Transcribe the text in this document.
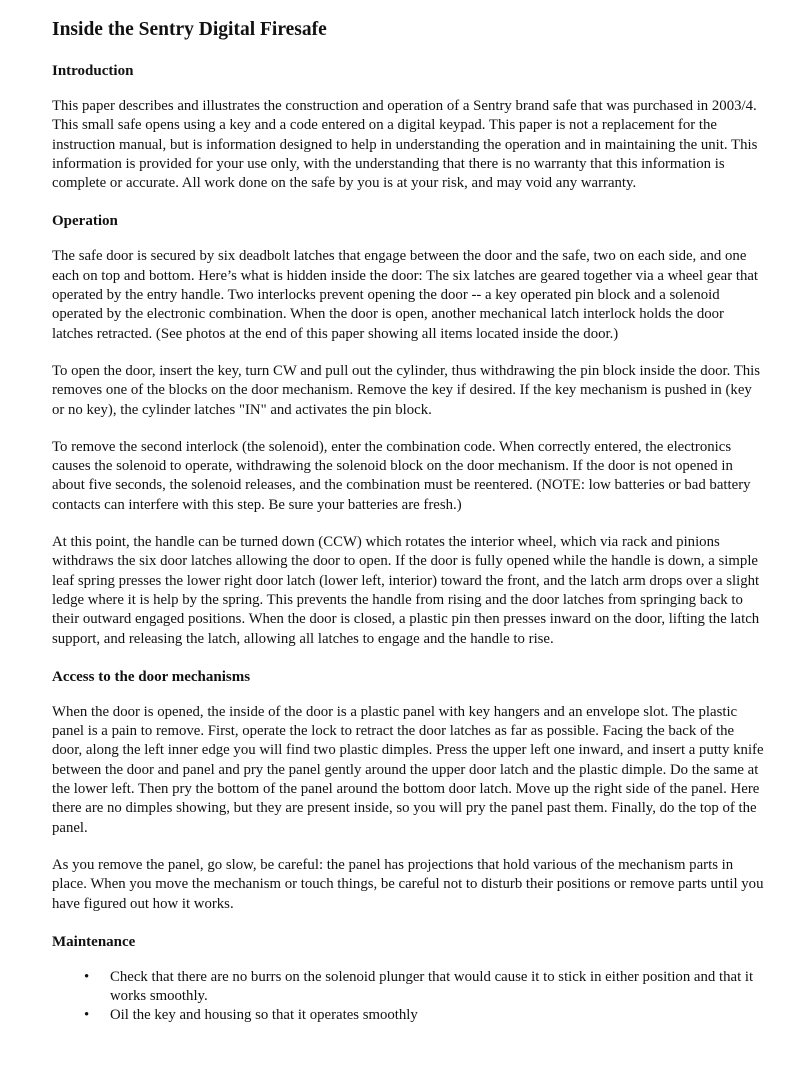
Inside the Sentry Digital Firesafe
Introduction

This paper describes and illustrates the construction and operation of a Sentry brand safe that was purchased in 2003/4. This small safe opens using a key and a code entered on a digital keypad. This paper is not a replacement for the instruction manual, but is information designed to help in understanding the operation and in maintaining the unit. This information is provided for your use only, with the understanding that there is no warranty that this information is complete or accurate. All work done on the safe by you is at your risk, and may void any warranty.

Operation

The safe door is secured by six deadbolt latches that engage between the door and the safe, two on each side, and one each on top and bottom. Here’s what is hidden inside the door: The six latches are geared together via a wheel gear that operated by the entry handle. Two interlocks prevent opening the door -- a key operated pin block and a solenoid operated by the electronic combination. When the door is open, another mechanical latch interlock holds the door latches retracted. (See photos at the end of this paper showing all items located inside the door.)

To open the door, insert the key, turn CW and pull out the cylinder, thus withdrawing the pin block inside the door. This removes one of the blocks on the door mechanism. Remove the key if desired. If the key mechanism is pushed in (key or no key), the cylinder latches "IN" and activates the pin block.

To remove the second interlock (the solenoid), enter the combination code. When correctly entered, the electronics causes the solenoid to operate, withdrawing the solenoid block on the door mechanism. If the door is not opened in about five seconds, the solenoid releases, and the combination must be reentered. (NOTE: low batteries or bad battery contacts can interfere with this step. Be sure your batteries are fresh.)

At this point, the handle can be turned down (CCW) which rotates the interior wheel, which via rack and pinions withdraws the six door latches allowing the door to open. If the door is fully opened while the handle is down, a simple leaf spring presses the lower right door latch (lower left, interior) toward the front, and the latch arm drops over a slight ledge where it is help by the spring. This prevents the handle from rising and the door latches from springing back to their outward engaged positions. When the door is closed, a plastic pin then presses inward on the door, lifting the latch support, and releasing the latch, allowing all latches to engage and the handle to rise.

Access to the door mechanisms

When the door is opened, the inside of the door is a plastic panel with key hangers and an envelope slot. The plastic panel is a pain to remove. First, operate the lock to retract the door latches as far as possible. Facing the back of the door, along the left inner edge you will find two plastic dimples. Press the upper left one inward, and insert a putty knife between the door and panel and pry the panel gently around the upper door latch and the plastic dimple. Do the same at the lower left. Then pry the bottom of the panel around the bottom door latch. Move up the right side of the panel. Here there are no dimples showing, but they are present inside, so you will pry the panel past them. Finally, do the top of the panel.

As you remove the panel, go slow, be careful: the panel has projections that hold various of the mechanism parts in place. When you move the mechanism or touch things, be careful not to disturb their positions or remove parts until you have figured out how it works.

Maintenance
• Check that there are no burrs on the solenoid plunger that would cause it to stick in either position and that it works smoothly.
• Oil the key and housing so that it operates smoothly
